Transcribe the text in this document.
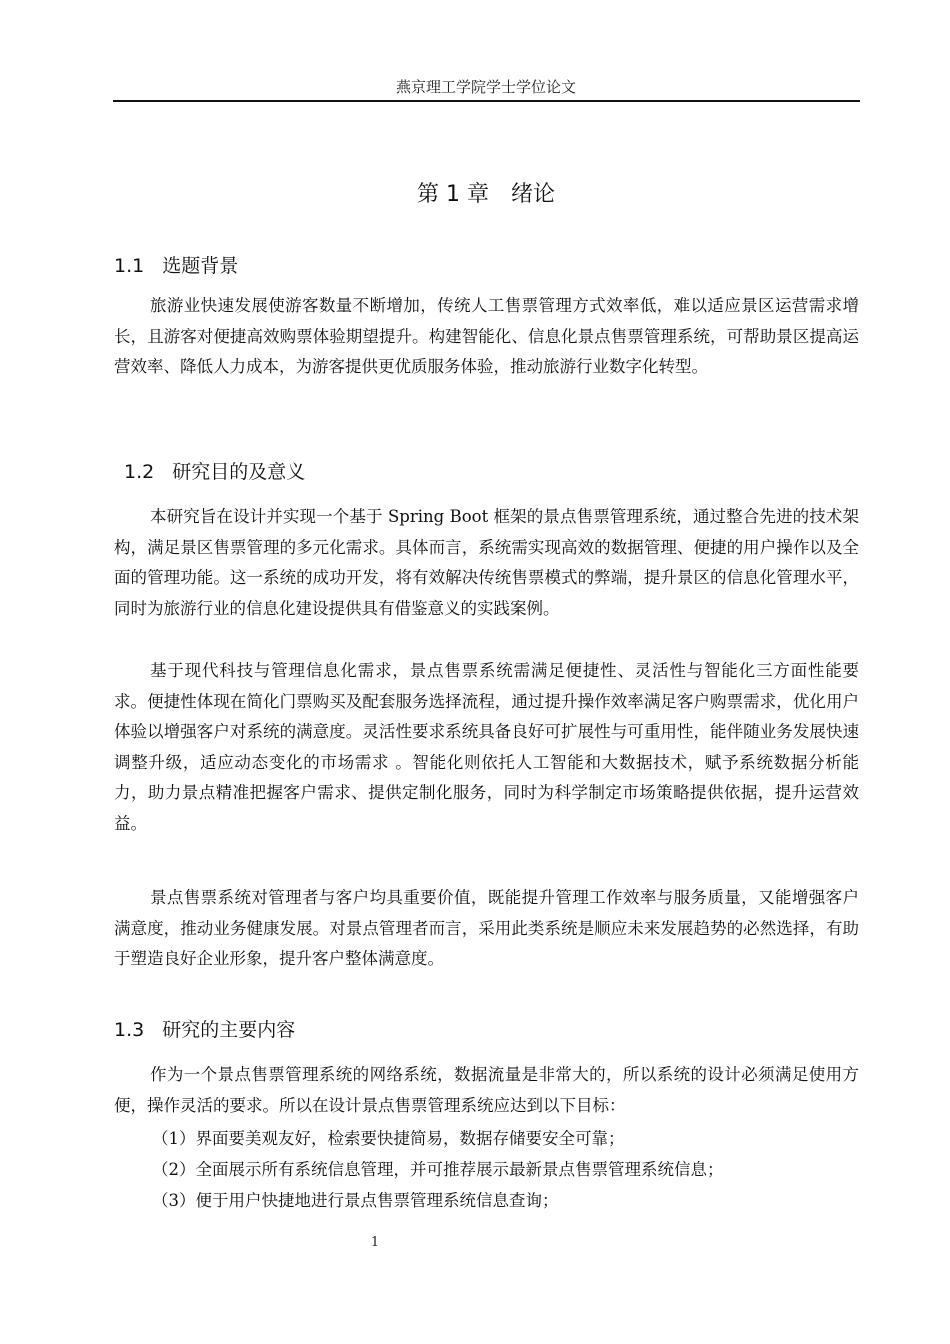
燕京理工学院学士学位论文
第 1 章 绪论
1.1 选题背景

旅游业快速发展使游客数量不断增加，传统人工售票管理方式效率低，难以适应景区运营需求增长，且游客对便捷高效购票体验期望提升。构建智能化、信息化景点售票管理系统，可帮助景区提高运营效率、降低人力成本，为游客提供更优质服务体验，推动旅游行业数字化转型。

1.2 研究目的及意义

本研究旨在设计并实现一个基于 Spring Boot 框架的景点售票管理系统，通过整合先进的技术架构，满足景区售票管理的多元化需求。具体而言，系统需实现高效的数据管理、便捷的用户操作以及全面的管理功能。这一系统的成功开发，将有效解决传统售票模式的弊端，提升景区的信息化管理水平，同时为旅游行业的信息化建设提供具有借鉴意义的实践案例。

基于现代科技与管理信息化需求，景点售票系统需满足便捷性、灵活性与智能化三方面性能要求。便捷性体现在简化门票购买及配套服务选择流程，通过提升操作效率满足客户购票需求，优化用户体验以增强客户对系统的满意度。灵活性要求系统具备良好可扩展性与可重用性，能伴随业务发展快速调整升级，适应动态变化的市场需求 。智能化则依托人工智能和大数据技术，赋予系统数据分析能力，助力景点精准把握客户需求、提供定制化服务，同时为科学制定市场策略提供依据，提升运营效益。

景点售票系统对管理者与客户均具重要价值，既能提升管理工作效率与服务质量，又能增强客户满意度，推动业务健康发展。对景点管理者而言，采用此类系统是顺应未来发展趋势的必然选择，有助于塑造良好企业形象，提升客户整体满意度。

1.3 研究的主要内容

作为一个景点售票管理系统的网络系统，数据流量是非常大的，所以系统的设计必须满足使用方便，操作灵活的要求。所以在设计景点售票管理系统应达到以下目标：

（1）界面要美观友好，检索要快捷简易，数据存储要安全可靠；
（2）全面展示所有系统信息管理，并可推荐展示最新景点售票管理系统信息；
（3）便于用户快捷地进行景点售票管理系统信息查询；
1
